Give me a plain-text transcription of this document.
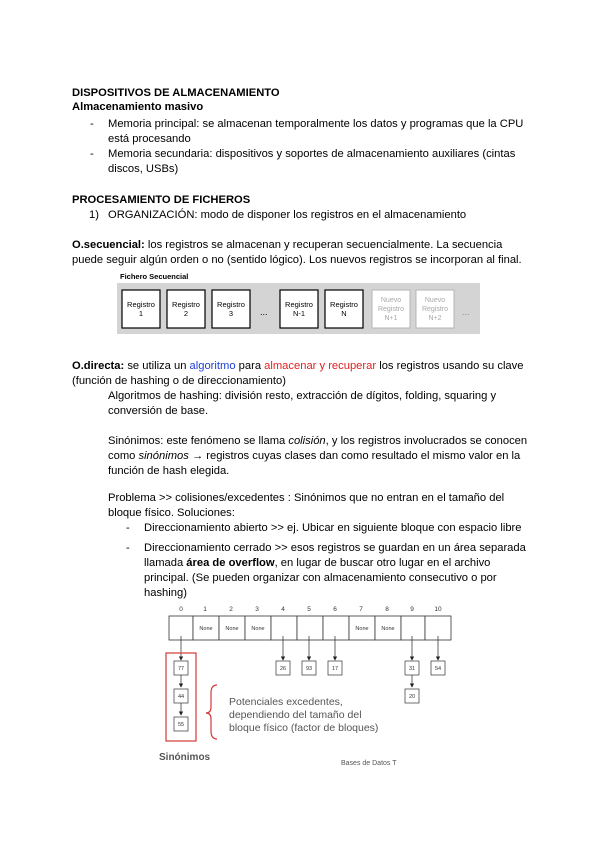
DISPOSITIVOS DE ALMACENAMIENTO
Almacenamiento masivo
- Memoria principal: se almacenan temporalmente los datos y programas que la CPU
está procesando
- Memoria secundaria: dispositivos y soportes de almacenamiento auxiliares (cintas
discos, USBs)
PROCESAMIENTO DE FICHEROS
1) ORGANIZACIÓN: modo de disponer los registros en el almacenamiento
O.secuencial: los registros se almacenan y recuperan secuencialmente. La secuencia
puede seguir algún orden o no (sentido lógico). Los nuevos registros se incorporan al final.
Fichero Secuencial
Registro
1
Registro
2
Registro
3	...
Registro
N-1
Registro
N
Nuevo
Registro
N+1
Nuevo
Registro
N+2
...
O.directa: se utiliza un algoritmo para almacenar y recuperar los registros usando su clave
(función de hashing o de direccionamiento)
Algoritmos de hashing: división resto, extracción de dígitos, folding, squaring y
conversión de base.
Sinónimos: este fenómeno se llama colisión, y los registros involucrados se conocen
como sinónimos → registros cuyas clases dan como resultado el mismo valor en la
función de hash elegida.
Problema >> colisiones/excedentes : Sinónimos que no entran en el tamaño del
bloque físico. Soluciones:
- Direccionamiento abierto >> ej. Ubicar en siguiente bloque con espacio libre
- Direccionamiento cerrado >> esos registros se guardan en un área separada
llamada área de overflow, en lugar de buscar otro lugar en el archivo
principal. (Se pueden organizar con almacenamiento consecutivo o por
hashing)
0	1	2	3	4	5	6	7	8	9	10
None None None	None None
77
44
55
26	93	17	31
20
54
Potenciales excedentes,
dependiendo del tamaño del
bloque físico (factor de bloques)
Sinónimos
Bases de Datos T
